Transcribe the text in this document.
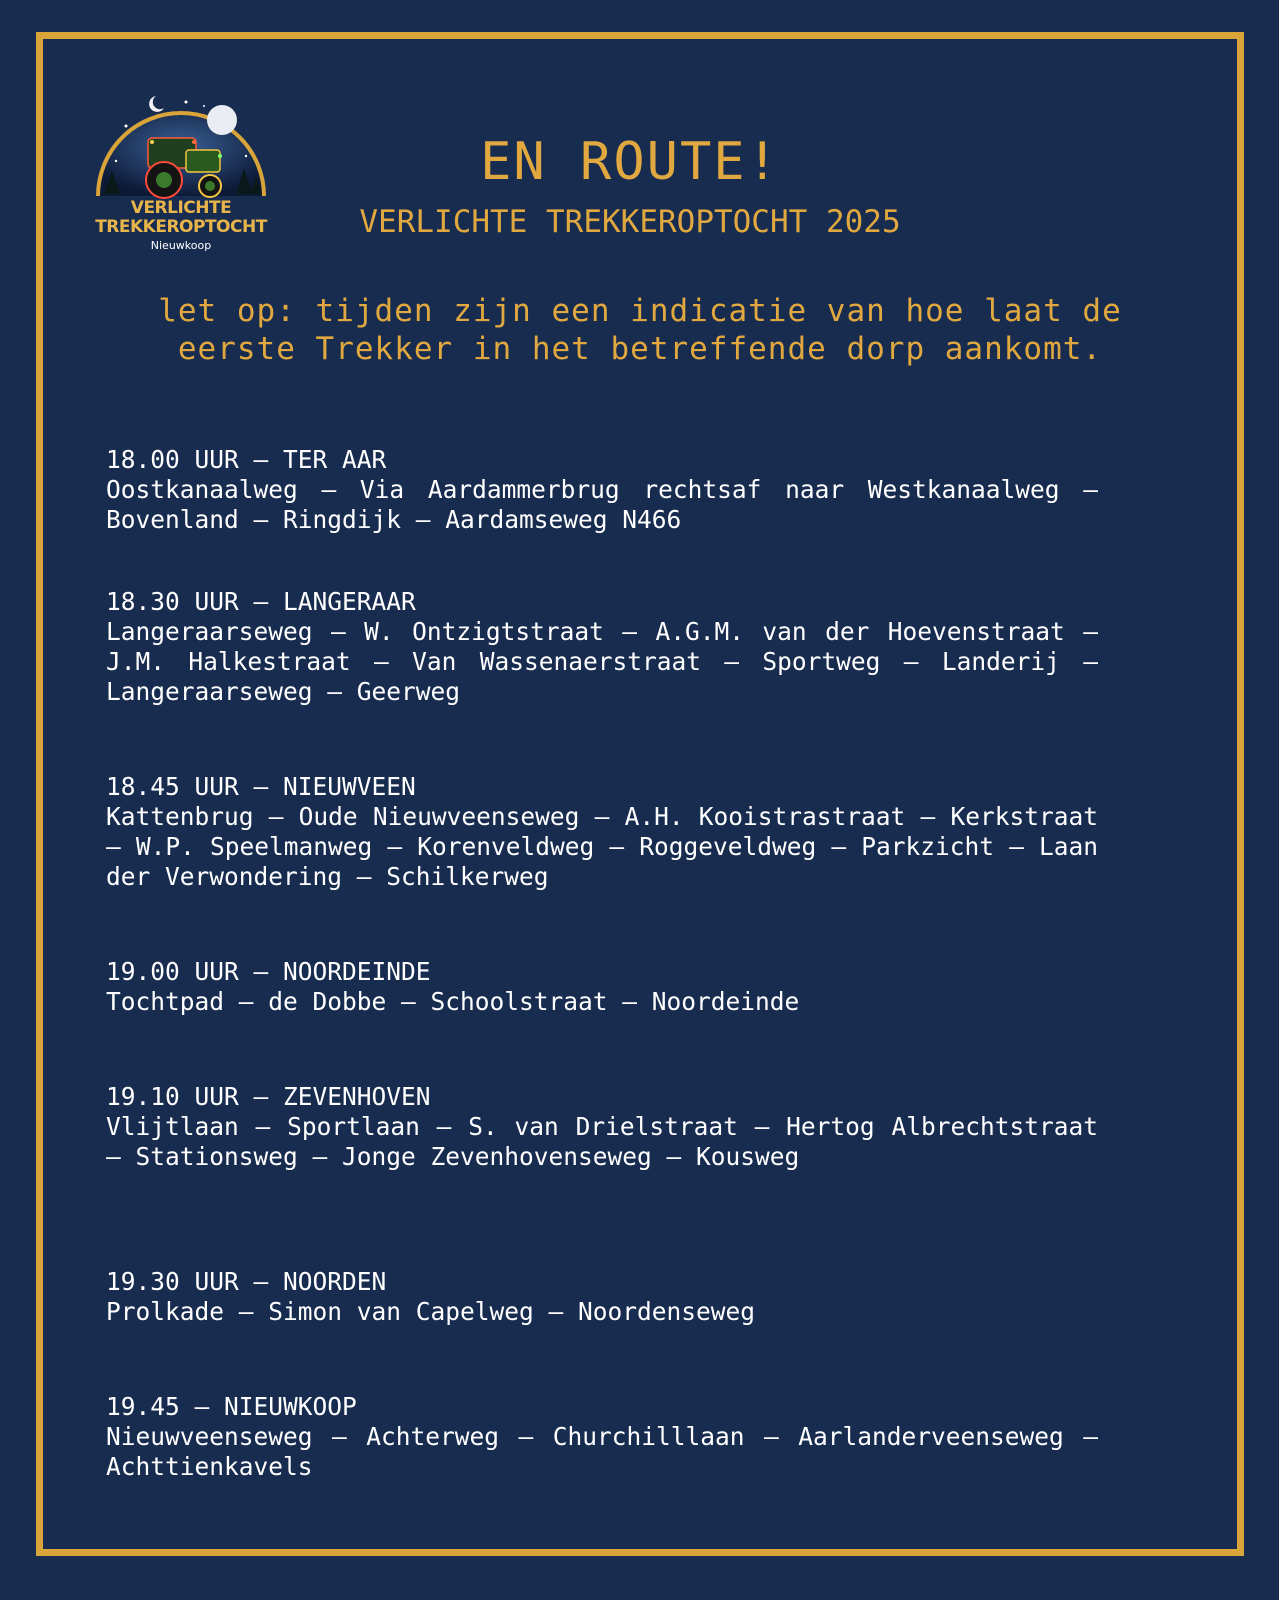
VERLICHTE
TREKKEROPTOCHT
Nieuwkoop
EN ROUTE!
VERLICHTE TREKKEROPTOCHT 2025
let op: tijden zijn een indicatie van hoe laat de eerste Trekker in het betreffende dorp aankomt.
18.00 UUR – TER AAR
Oostkanaalweg – Via Aardammerbrug rechtsaf naar Westkanaalweg – Bovenland – Ringdijk – Aardamseweg N466
18.30 UUR – LANGERAAR
Langeraarseweg – W. Ontzigtstraat – A.G.M. van der Hoevenstraat – J.M. Halkestraat – Van Wassenaerstraat – Sportweg – Landerij – Langeraarseweg – Geerweg
18.45 UUR – NIEUWVEEN
Kattenbrug – Oude Nieuwveenseweg – A.H. Kooistrastraat – Kerkstraat – W.P. Speelmanweg – Korenveldweg – Roggeveldweg – Parkzicht – Laan der Verwondering – Schilkerweg
19.00 UUR – NOORDEINDE
Tochtpad – de Dobbe – Schoolstraat – Noordeinde
19.10 UUR – ZEVENHOVEN
Vlijtlaan – Sportlaan – S. van Drielstraat – Hertog Albrechtstraat – Stationsweg – Jonge Zevenhovenseweg – Kousweg
19.30 UUR – NOORDEN
Prolkade – Simon van Capelweg – Noordenseweg
19.45 – NIEUWKOOP
Nieuwveenseweg – Achterweg – Churchilllaan – Aarlanderveenseweg – Achttienkavels
